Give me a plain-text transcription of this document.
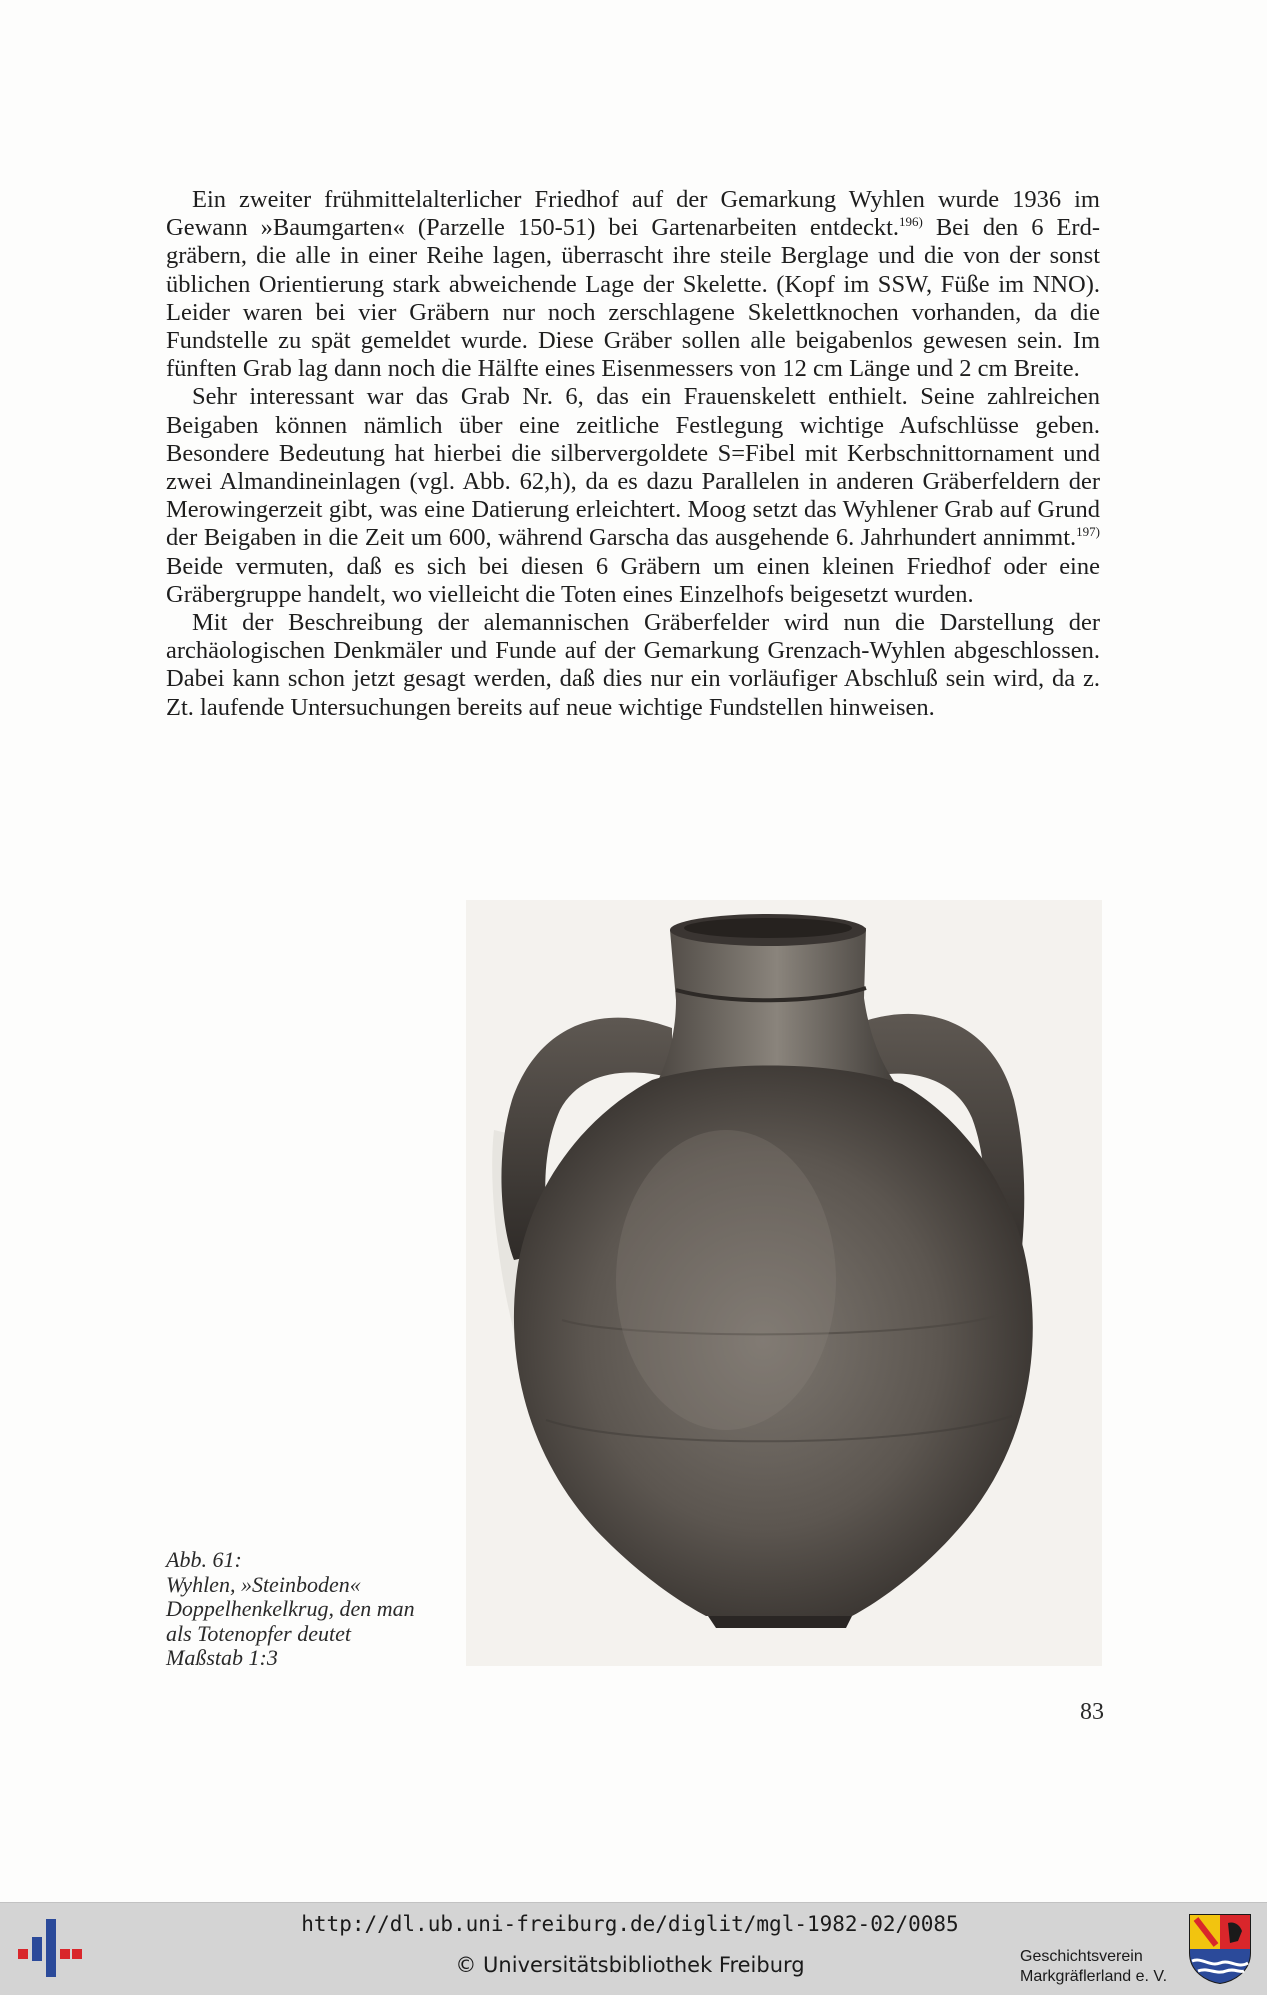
Ein zweiter frühmittelalterlicher Friedhof auf der Gemarkung Wyhlen wurde 1936 im Gewann »Baumgarten« (Parzelle 150-51) bei Gartenarbeiten entdeckt.$^{196)}$ Bei den 6 Erdgräbern, die alle in einer Reihe lagen, überrascht ihre steile Berglage und die von der sonst üblichen Orientierung stark abweichende Lage der Skelette. (Kopf im SSW, Füße im NNO). Leider waren bei vier Gräbern nur noch zerschlagene Skelettknochen vorhanden, da die Fundstelle zu spät gemeldet wurde. Diese Gräber sollen alle beigabenlos gewesen sein. Im fünften Grab lag dann noch die Hälfte eines Eisenmessers von 12 cm Länge und 2 cm Breite.

Sehr interessant war das Grab Nr. 6, das ein Frauenskelett enthielt. Seine zahlreichen Beigaben können nämlich über eine zeitliche Festlegung wichtige Aufschlüsse geben. Besondere Bedeutung hat hierbei die silbervergoldete S=Fibel mit Kerbschnittornament und zwei Almandineinlagen (vgl. Abb. 62,h), da es dazu Parallelen in anderen Gräberfeldern der Merowingerzeit gibt, was eine Datierung erleichtert. Moog setzt das Wyhlener Grab auf Grund der Beigaben in die Zeit um 600, während Garscha das ausgehende 6. Jahrhundert annimmt.$^{197)}$ Beide vermuten, daß es sich bei diesen 6 Gräbern um einen kleinen Friedhof oder eine Gräbergruppe handelt, wo vielleicht die Toten eines Einzelhofs beigesetzt wurden.

Mit der Beschreibung der alemannischen Gräberfelder wird nun die Darstellung der archäologischen Denkmäler und Funde auf der Gemarkung Grenzach-Wyhlen abgeschlossen. Dabei kann schon jetzt gesagt werden, daß dies nur ein vorläufiger Abschluß sein wird, da z. Zt. laufende Untersuchungen bereits auf neue wichtige Fundstellen hinweisen.

Abb. 61:
Wyhlen, »Steinboden«
Doppelhenkelkrug, den man
als Totenopfer deutet
Maßstab 1:3
83
http://dl.ub.uni-freiburg.de/diglit/mgl-1982-02/0085
© Universitätsbibliothek Freiburg	Geschichtsverein
Markgräflerland e. V.
